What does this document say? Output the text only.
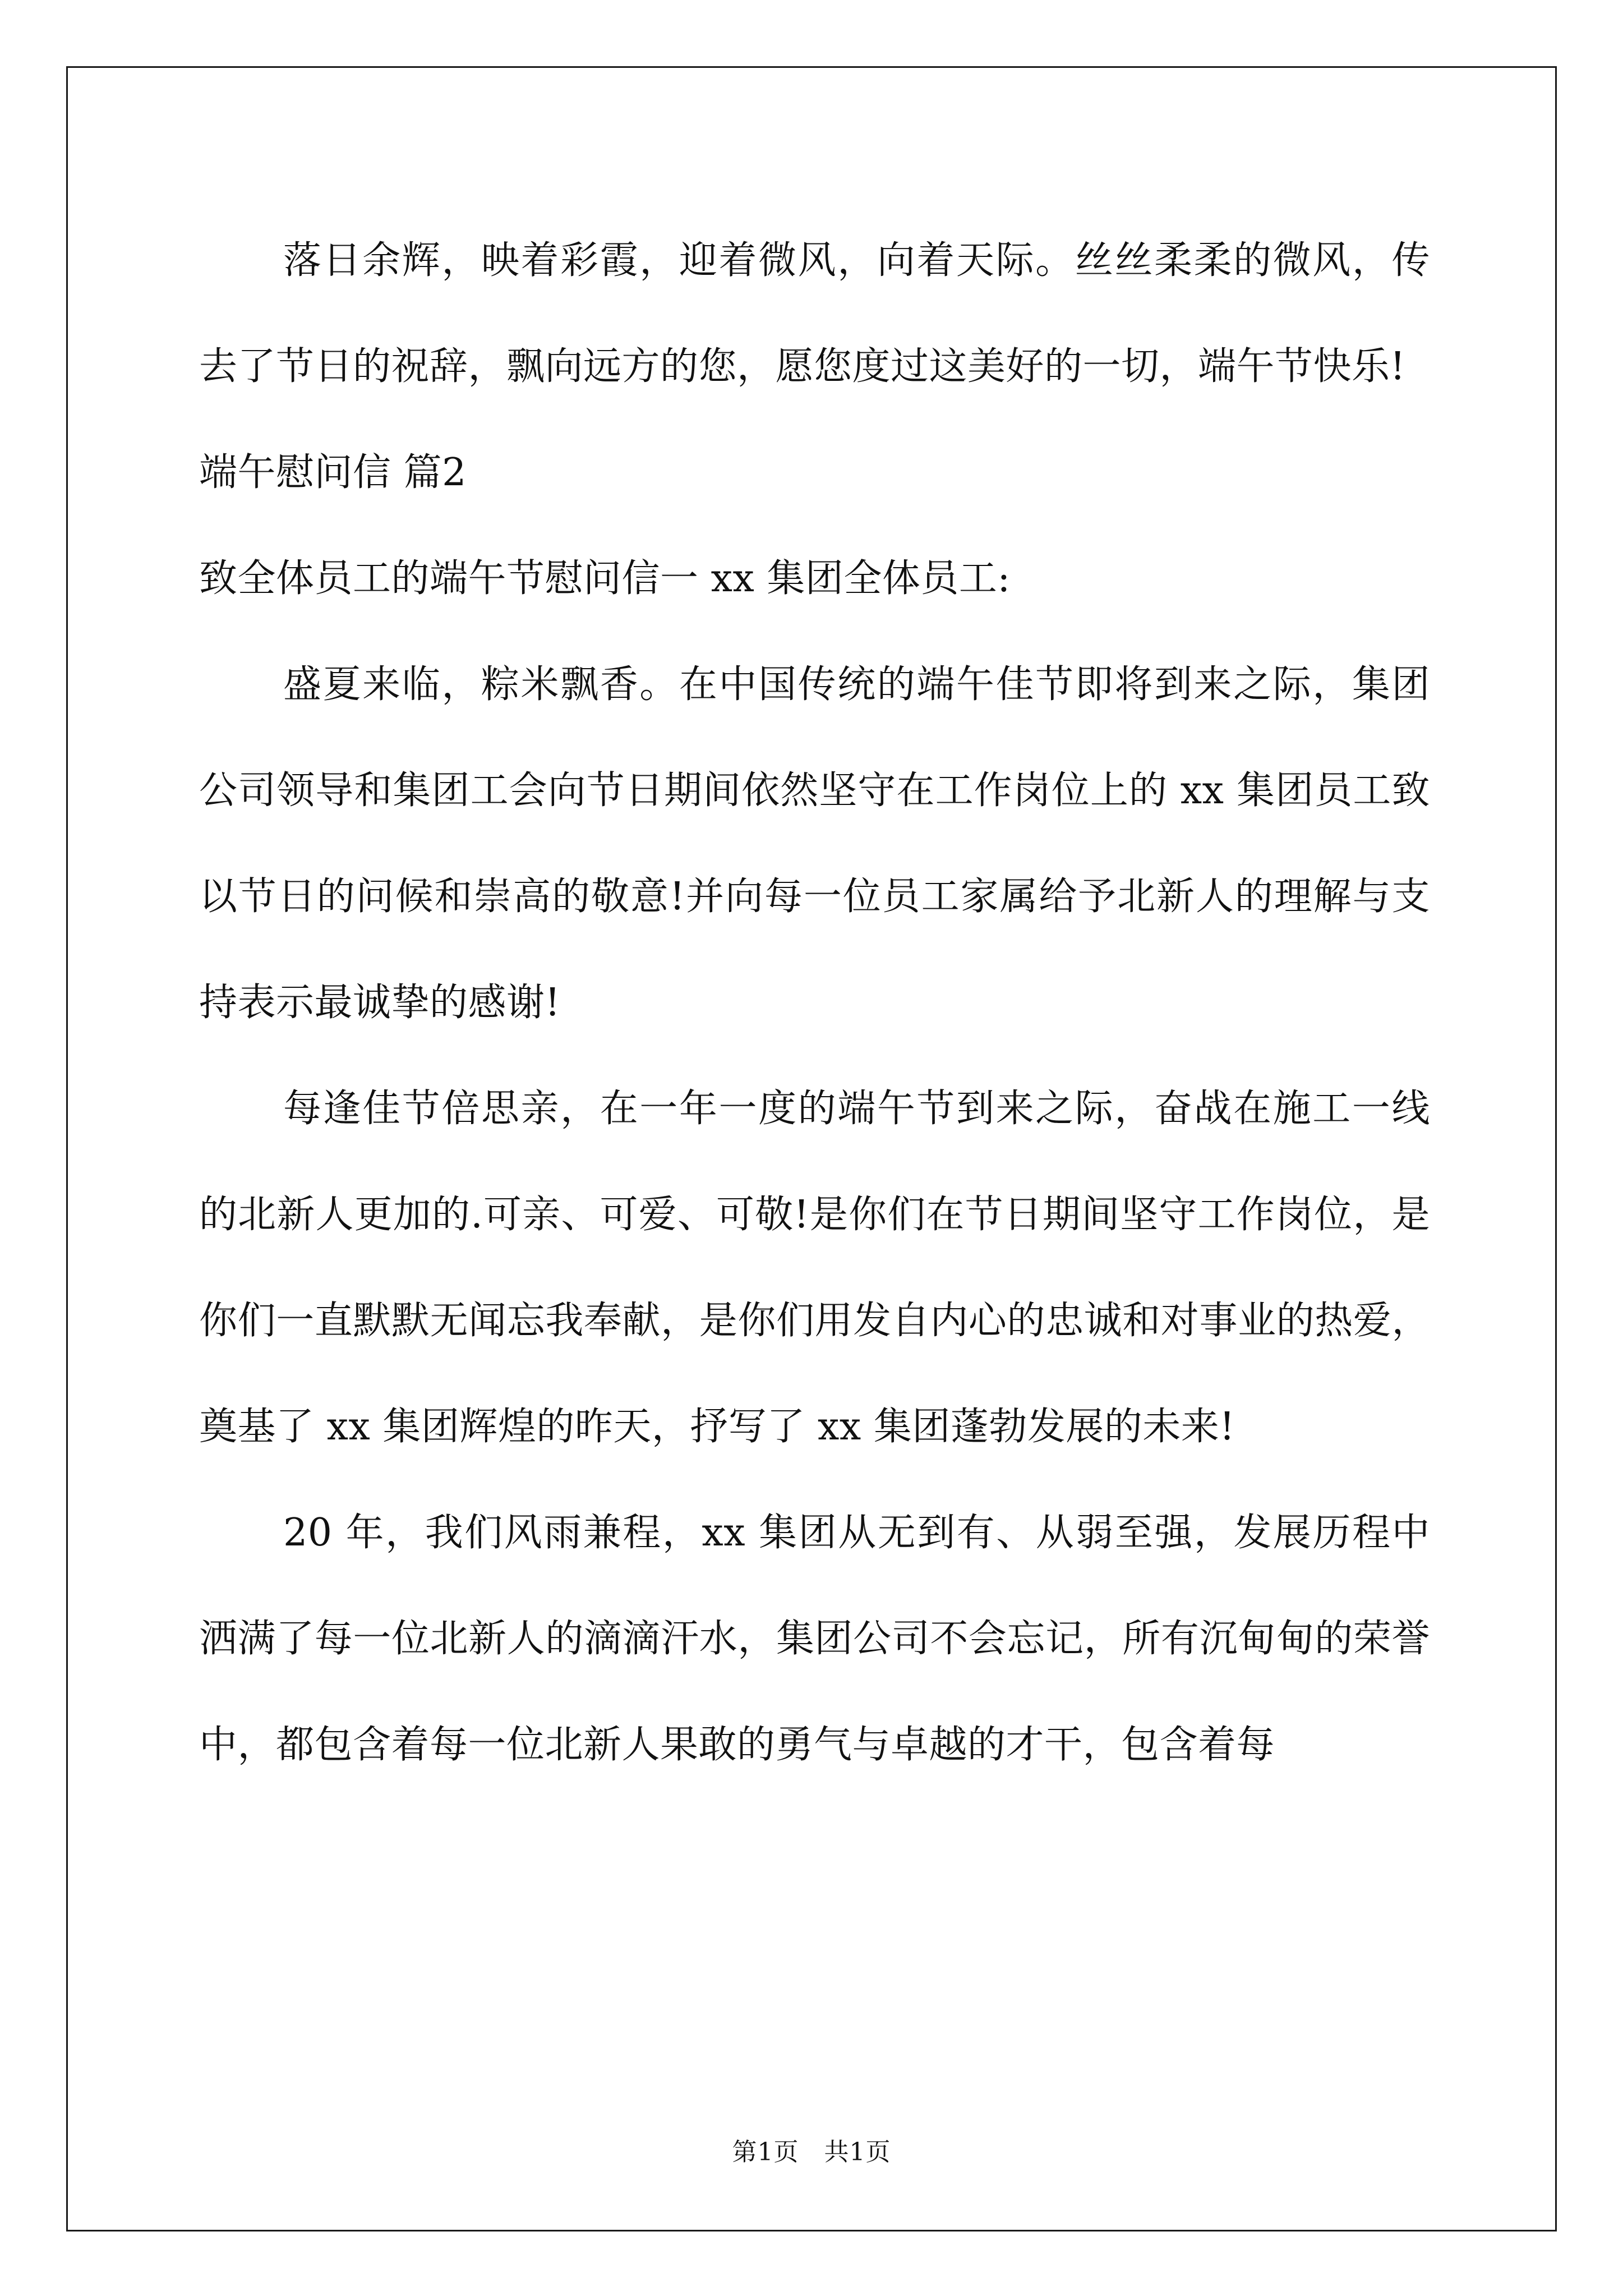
落日余辉，映着彩霞，迎着微风，向着天际。丝丝柔柔的微风，传去了节日的祝辞，飘向远方的您，愿您度过这美好的一切，端午节快乐!

端午慰问信 篇2

致全体员工的端午节慰问信一 xx 集团全体员工:

盛夏来临，粽米飘香。在中国传统的端午佳节即将到来之际，集团公司领导和集团工会向节日期间依然坚守在工作岗位上的 xx 集团员工致以节日的问候和崇高的敬意!并向每一位员工家属给予北新人的理解与支持表示最诚挚的感谢!

每逢佳节倍思亲，在一年一度的端午节到来之际，奋战在施工一线的北新人更加的.可亲、可爱、可敬!是你们在节日期间坚守工作岗位，是你们一直默默无闻忘我奉献，是你们用发自内心的忠诚和对事业的热爱，奠基了 xx 集团辉煌的昨天，抒写了 xx 集团蓬勃发展的未来!

20 年，我们风雨兼程，xx 集团从无到有、从弱至强，发展历程中洒满了每一位北新人的滴滴汗水，集团公司不会忘记，所有沉甸甸的荣誉中，都包含着每一位北新人果敢的勇气与卓越的才干，包含着每

第1页　共1页
